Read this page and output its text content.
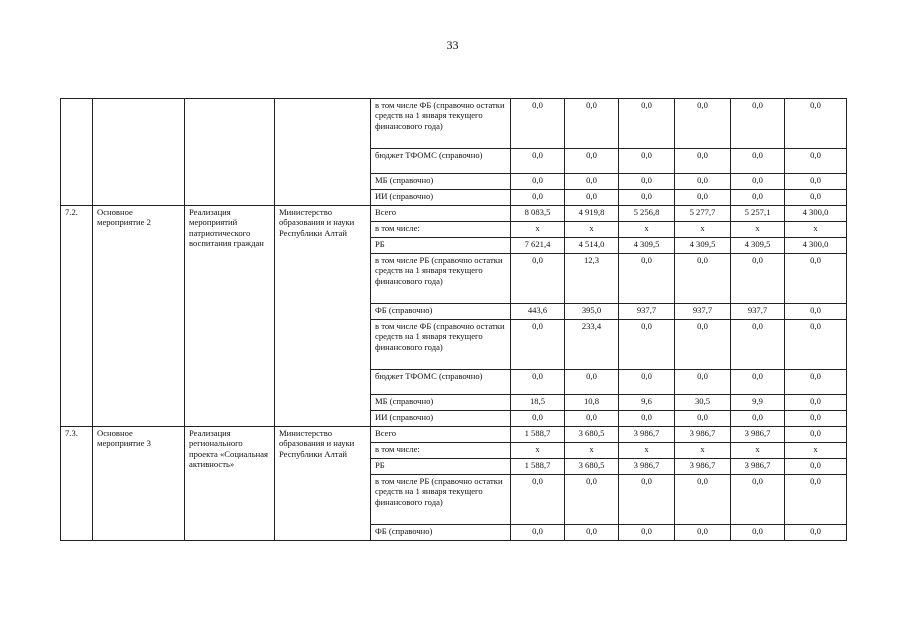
33
				в том числе ФБ (справочно остатки средств на 1 января текущего финансового года)	0,0	0,0	0,0	0,0	0,0	0,0
				бюджет ТФОМС (справочно)	0,0	0,0	0,0	0,0	0,0	0,0
				МБ (справочно)	0,0	0,0	0,0	0,0	0,0	0,0
				ИИ (справочно)	0,0	0,0	0,0	0,0	0,0	0,0
7.2.	Основное мероприятие 2	Реализация мероприятий патриотического воспитания граждан	Министерство образования и науки Республики Алтай	Всего	8 083,5	4 919,8	5 256,8	5 277,7	5 257,1	4 300,0
				в том числе:	х	х	х	х	х	х
				РБ	7 621,4	4 514,0	4 309,5	4 309,5	4 309,5	4 300,0
				в том числе РБ (справочно остатки средств на 1 января текущего финансового года)	0,0	12,3	0,0	0,0	0,0	0,0
				ФБ (справочно)	443,6	395,0	937,7	937,7	937,7	0,0
				в том числе ФБ (справочно остатки средств на 1 января текущего финансового года)	0,0	233,4	0,0	0,0	0,0	0,0
				бюджет ТФОМС (справочно)	0,0	0,0	0,0	0,0	0,0	0,0
				МБ (справочно)	18,5	10,8	9,6	30,5	9,9	0,0
				ИИ (справочно)	0,0	0,0	0,0	0,0	0,0	0,0
7.3.	Основное мероприятие 3	Реализация регионального проекта «Социальная активность»	Министерство образования и науки Республики Алтай	Всего	1 588,7	3 680,5	3 986,7	3 986,7	3 986,7	0,0
				в том числе:	х	х	х	х	х	х
				РБ	1 588,7	3 680,5	3 986,7	3 986,7	3 986,7	0,0
				в том числе РБ (справочно остатки средств на 1 января текущего финансового года)	0,0	0,0	0,0	0,0	0,0	0,0
				ФБ (справочно)	0,0	0,0	0,0	0,0	0,0	0,0
